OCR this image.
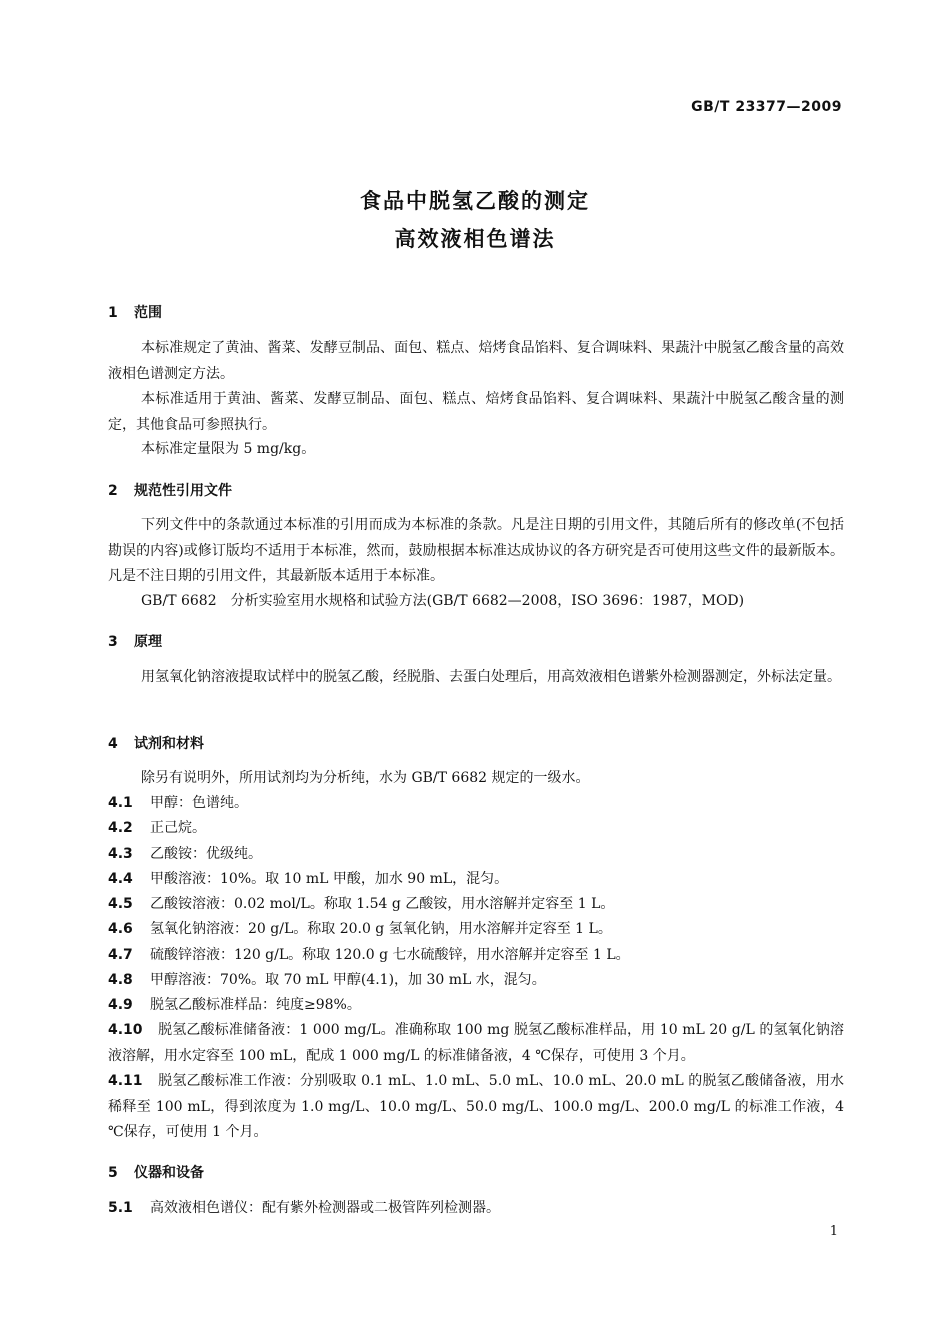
GB/T 23377—2009
食品中脱氢乙酸的测定
高效液相色谱法
1 范围
本标准规定了黄油、酱菜、发酵豆制品、面包、糕点、焙烤食品馅料、复合调味料、果蔬汁中脱氢乙酸含量的高效液相色谱测定方法。
本标准适用于黄油、酱菜、发酵豆制品、面包、糕点、焙烤食品馅料、复合调味料、果蔬汁中脱氢乙酸含量的测定，其他食品可参照执行。
本标准定量限为 5 mg/kg。
2 规范性引用文件
下列文件中的条款通过本标准的引用而成为本标准的条款。凡是注日期的引用文件，其随后所有的修改单(不包括勘误的内容)或修订版均不适用于本标准，然而，鼓励根据本标准达成协议的各方研究是否可使用这些文件的最新版本。凡是不注日期的引用文件，其最新版本适用于本标准。
GB/T 6682　分析实验室用水规格和试验方法(GB/T 6682—2008，ISO 3696：1987，MOD)
3 原理
用氢氧化钠溶液提取试样中的脱氢乙酸，经脱脂、去蛋白处理后，用高效液相色谱紫外检测器测定，外标法定量。
4 试剂和材料
除另有说明外，所用试剂均为分析纯，水为 GB/T 6682 规定的一级水。
4.1 甲醇：色谱纯。
4.2 正己烷。
4.3 乙酸铵：优级纯。
4.4 甲酸溶液：10%。取 10 mL 甲酸，加水 90 mL，混匀。
4.5 乙酸铵溶液：0.02 mol/L。称取 1.54 g 乙酸铵，用水溶解并定容至 1 L。
4.6 氢氧化钠溶液：20 g/L。称取 20.0 g 氢氧化钠，用水溶解并定容至 1 L。
4.7 硫酸锌溶液：120 g/L。称取 120.0 g 七水硫酸锌，用水溶解并定容至 1 L。
4.8 甲醇溶液：70%。取 70 mL 甲醇(4.1)，加 30 mL 水，混匀。
4.9 脱氢乙酸标准样品：纯度≥98%。
4.10 脱氢乙酸标准储备液：1 000 mg/L。准确称取 100 mg 脱氢乙酸标准样品，用 10 mL 20 g/L 的氢氧化钠溶液溶解，用水定容至 100 mL，配成 1 000 mg/L 的标准储备液，4 ℃保存，可使用 3 个月。
4.11 脱氢乙酸标准工作液：分别吸取 0.1 mL、1.0 mL、5.0 mL、10.0 mL、20.0 mL 的脱氢乙酸储备液，用水稀释至 100 mL，得到浓度为 1.0 mg/L、10.0 mg/L、50.0 mg/L、100.0 mg/L、200.0 mg/L 的标准工作液，4 ℃保存，可使用 1 个月。
5 仪器和设备
5.1 高效液相色谱仪：配有紫外检测器或二极管阵列检测器。
1
